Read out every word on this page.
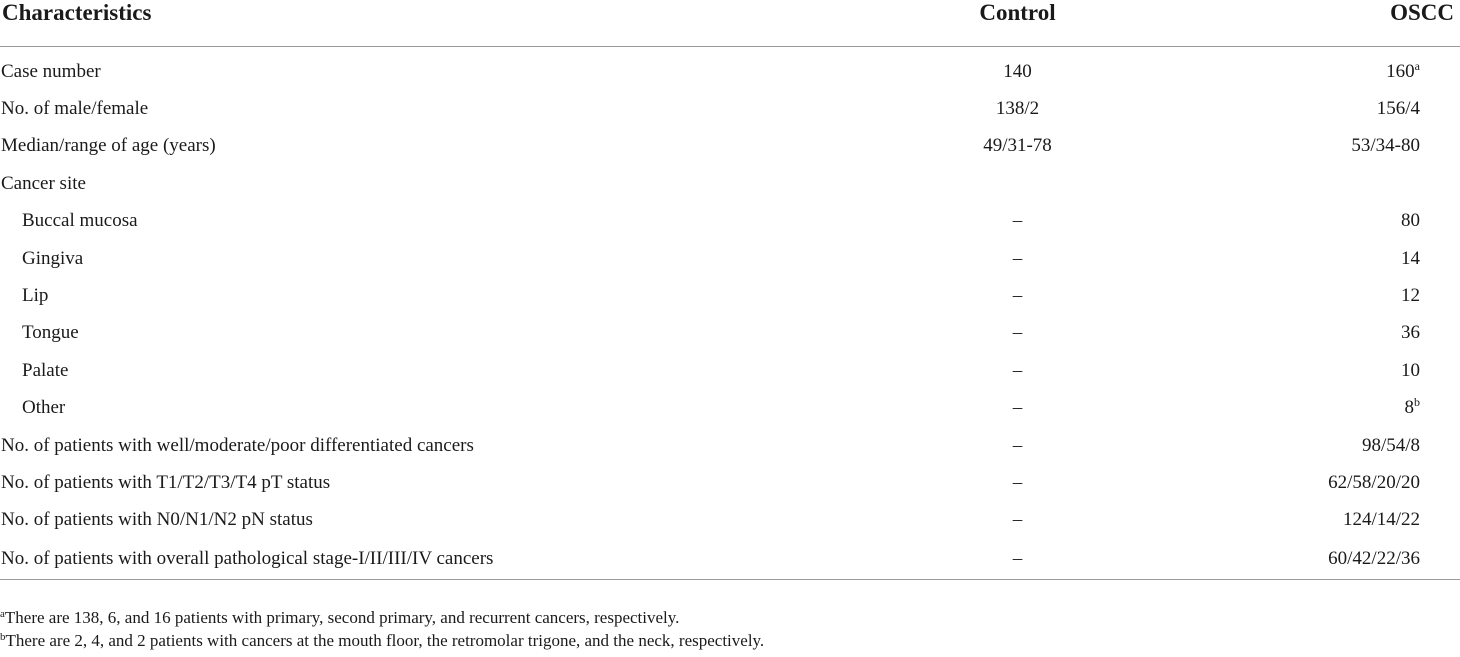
Characteristics	Control	OSCC
Case number	140	160$^a$
No. of male/female	138/2	156/4
Median/range of age (years)	49/31-78	53/34-80
Cancer site		
Buccal mucosa	–	80
Gingiva	–	14
Lip	–	12
Tongue	–	36
Palate	–	10
Other	–	8$^b$
No. of patients with well/moderate/poor differentiated cancers	–	98/54/8
No. of patients with T1/T2/T3/T4 pT status	–	62/58/20/20
No. of patients with N0/N1/N2 pN status	–	124/14/22
No. of patients with overall pathological stage-I/II/III/IV cancers	–	60/42/22/36
$^a$There are 138, 6, and 16 patients with primary, second primary, and recurrent cancers, respectively.
$^b$There are 2, 4, and 2 patients with cancers at the mouth floor, the retromolar trigone, and the neck, respectively.
